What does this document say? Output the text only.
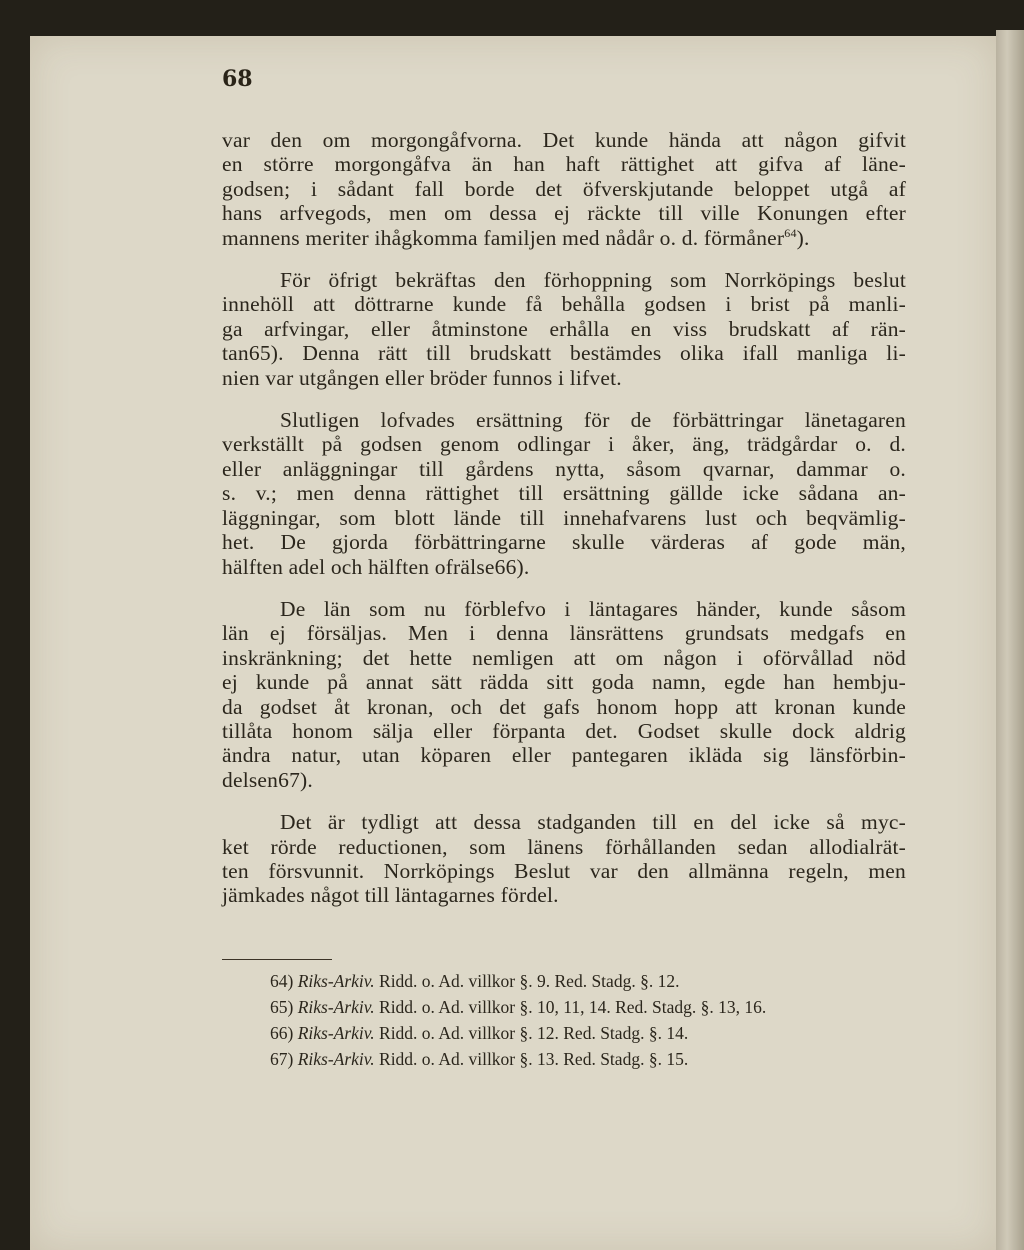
68

var den om morgongåfvorna. Det kunde hända att någon gifvit
en större morgongåfva än han haft rättighet att gifva af läne-
godsen; i sådant fall borde det öfverskjutande beloppet utgå af
hans arfvegods, men om dessa ej räckte till ville Konungen efter
mannens meriter ihågkomma familjen med nådår o. d. förmåner$^{64}$).

För öfrigt bekräftas den förhoppning som Norrköpings beslut
innehöll att döttrarne kunde få behålla godsen i brist på manli-
ga arfvingar, eller åtminstone erhålla en viss brudskatt af rän-
tan65). Denna rätt till brudskatt bestämdes olika ifall manliga li-
nien var utgången eller bröder funnos i lifvet.

Slutligen lofvades ersättning för de förbättringar länetagaren
verkställt på godsen genom odlingar i åker, äng, trädgårdar o. d.
eller anläggningar till gårdens nytta, såsom qvarnar, dammar o.
s. v.; men denna rättighet till ersättning gällde icke sådana an-
läggningar, som blott lände till innehafvarens lust och beqvämlig-
het. De gjorda förbättringarne skulle värderas af gode män,
hälften adel och hälften ofrälse66).

De län som nu förblefvo i läntagares händer, kunde såsom
län ej försäljas. Men i denna länsrättens grundsats medgafs en
inskränkning; det hette nemligen att om någon i oförvållad nöd
ej kunde på annat sätt rädda sitt goda namn, egde han hembju-
da godset åt kronan, och det gafs honom hopp att kronan kunde
tillåta honom sälja eller förpanta det. Godset skulle dock aldrig
ändra natur, utan köparen eller pantegaren ikläda sig länsförbin-
delsen67).

Det är tydligt att dessa stadganden till en del icke så myc-
ket rörde reductionen, som länens förhållanden sedan allodialrät-
ten försvunnit. Norrköpings Beslut var den allmänna regeln, men
jämkades något till läntagarnes fördel.

64) Riks-Arkiv. Ridd. o. Ad. villkor §. 9. Red. Stadg. §. 12.
65) Riks-Arkiv. Ridd. o. Ad. villkor §. 10, 11, 14. Red. Stadg. §. 13, 16.
66) Riks-Arkiv. Ridd. o. Ad. villkor §. 12. Red. Stadg. §. 14.
67) Riks-Arkiv. Ridd. o. Ad. villkor §. 13. Red. Stadg. §. 15.
